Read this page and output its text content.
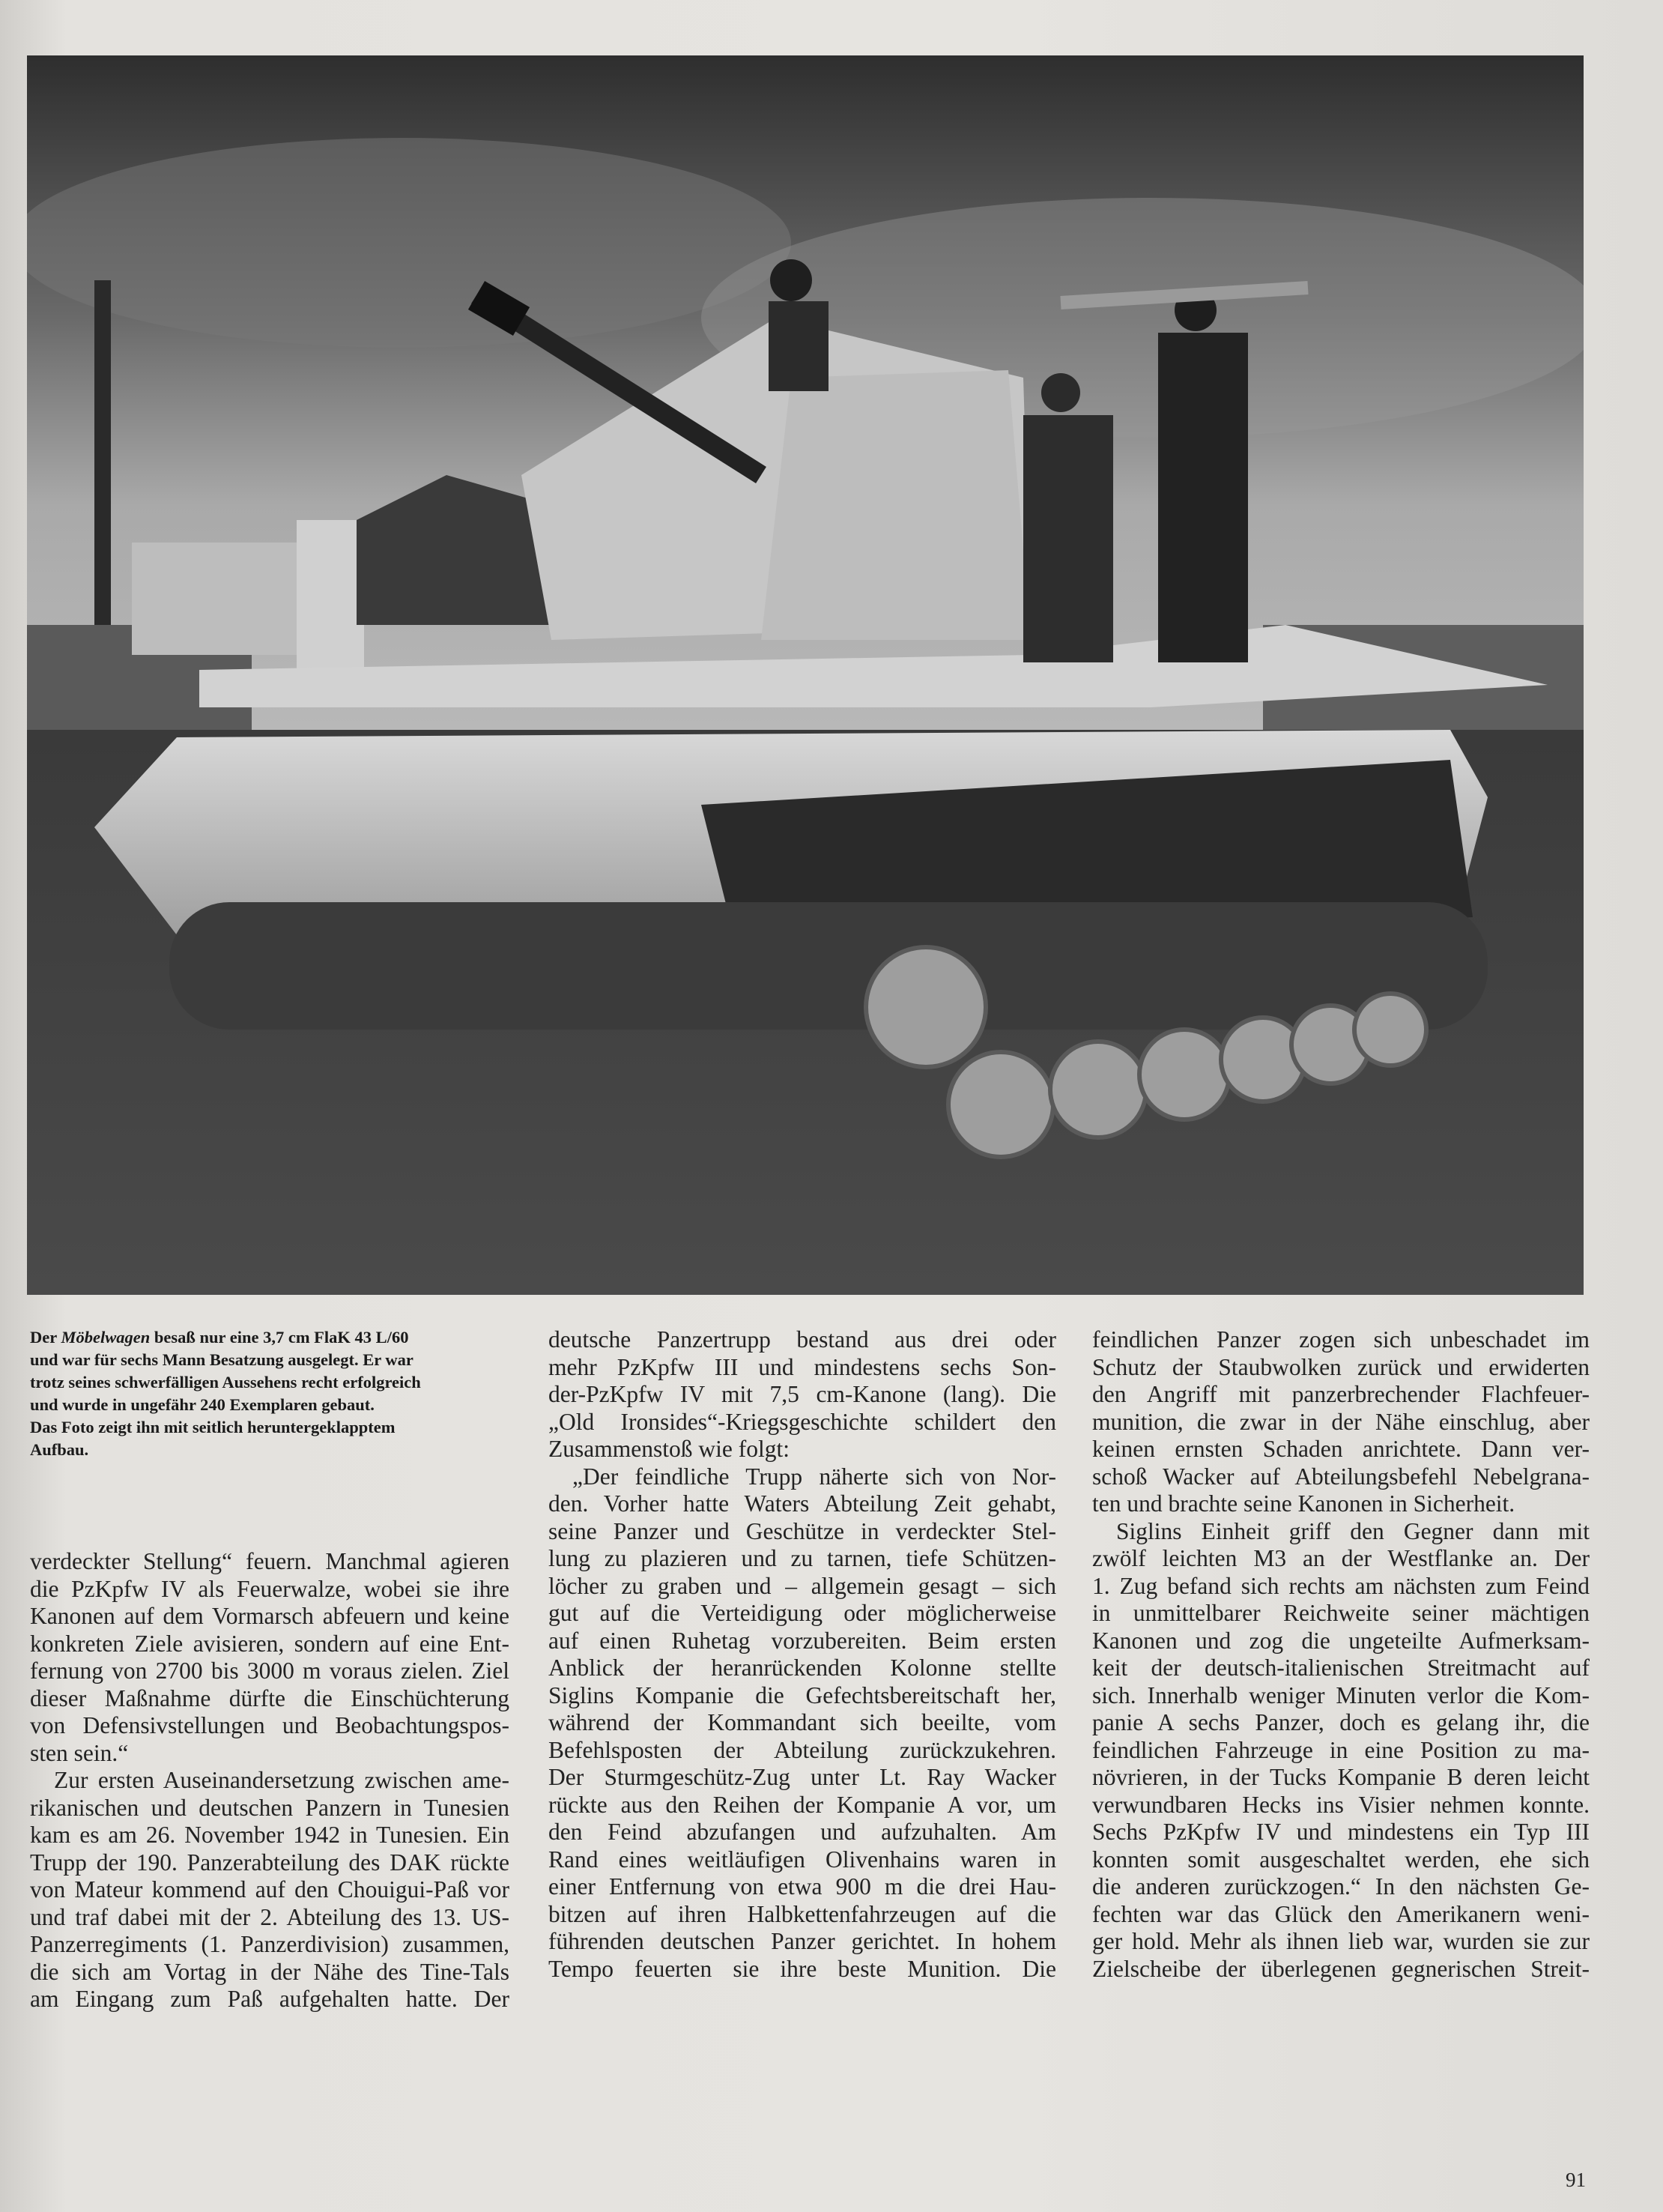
Der Möbelwagen besaß nur eine 3,7 cm FlaK 43 L/60
und war für sechs Mann Besatzung ausgelegt. Er war
trotz seines schwerfälligen Aussehens recht erfolgreich
und wurde in ungefähr 240 Exemplaren gebaut.
Das Foto zeigt ihn mit seitlich heruntergeklapptem
Aufbau.
verdeckter Stellung“ feuern. Manchmal agieren
die PzKpfw IV als Feuerwalze, wobei sie ihre
Kanonen auf dem Vormarsch abfeuern und keine
konkreten Ziele avisieren, sondern auf eine Ent-
fernung von 2700 bis 3000 m voraus zielen. Ziel
dieser Maßnahme dürfte die Einschüchterung
von Defensivstellungen und Beobachtungspos-
sten sein.“
Zur ersten Auseinandersetzung zwischen ame-
rikanischen und deutschen Panzern in Tunesien
kam es am 26. November 1942 in Tunesien. Ein
Trupp der 190. Panzerabteilung des DAK rückte
von Mateur kommend auf den Chouigui-Paß vor
und traf dabei mit der 2. Abteilung des 13. US-
Panzerregiments (1. Panzerdivision) zusammen,
die sich am Vortag in der Nähe des Tine-Tals
am Eingang zum Paß aufgehalten hatte. Der
deutsche Panzertrupp bestand aus drei oder
mehr PzKpfw III und mindestens sechs Son-
der-PzKpfw IV mit 7,5 cm-Kanone (lang). Die
„Old Ironsides“-Kriegsgeschichte schildert den
Zusammenstoß wie folgt:
„Der feindliche Trupp näherte sich von Nor-
den. Vorher hatte Waters Abteilung Zeit gehabt,
seine Panzer und Geschütze in verdeckter Stel-
lung zu plazieren und zu tarnen, tiefe Schützen-
löcher zu graben und – allgemein gesagt – sich
gut auf die Verteidigung oder möglicherweise
auf einen Ruhetag vorzubereiten. Beim ersten
Anblick der heranrückenden Kolonne stellte
Siglins Kompanie die Gefechtsbereitschaft her,
während der Kommandant sich beeilte, vom
Befehlsposten der Abteilung zurückzukehren.
Der Sturmgeschütz-Zug unter Lt. Ray Wacker
rückte aus den Reihen der Kompanie A vor, um
den Feind abzufangen und aufzuhalten. Am
Rand eines weitläufigen Olivenhains waren in
einer Entfernung von etwa 900 m die drei Hau-
bitzen auf ihren Halbkettenfahrzeugen auf die
führenden deutschen Panzer gerichtet. In hohem
Tempo feuerten sie ihre beste Munition. Die
feindlichen Panzer zogen sich unbeschadet im
Schutz der Staubwolken zurück und erwiderten
den Angriff mit panzerbrechender Flachfeuer-
munition, die zwar in der Nähe einschlug, aber
keinen ernsten Schaden anrichtete. Dann ver-
schoß Wacker auf Abteilungsbefehl Nebelgrana-
ten und brachte seine Kanonen in Sicherheit.
Siglins Einheit griff den Gegner dann mit
zwölf leichten M3 an der Westflanke an. Der
1. Zug befand sich rechts am nächsten zum Feind
in unmittelbarer Reichweite seiner mächtigen
Kanonen und zog die ungeteilte Aufmerksam-
keit der deutsch-italienischen Streitmacht auf
sich. Innerhalb weniger Minuten verlor die Kom-
panie A sechs Panzer, doch es gelang ihr, die
feindlichen Fahrzeuge in eine Position zu ma-
növrieren, in der Tucks Kompanie B deren leicht
verwundbaren Hecks ins Visier nehmen konnte.
Sechs PzKpfw IV und mindestens ein Typ III
konnten somit ausgeschaltet werden, ehe sich
die anderen zurückzogen.“ In den nächsten Ge-
fechten war das Glück den Amerikanern weni-
ger hold. Mehr als ihnen lieb war, wurden sie zur
Zielscheibe der überlegenen gegnerischen Streit-
91
